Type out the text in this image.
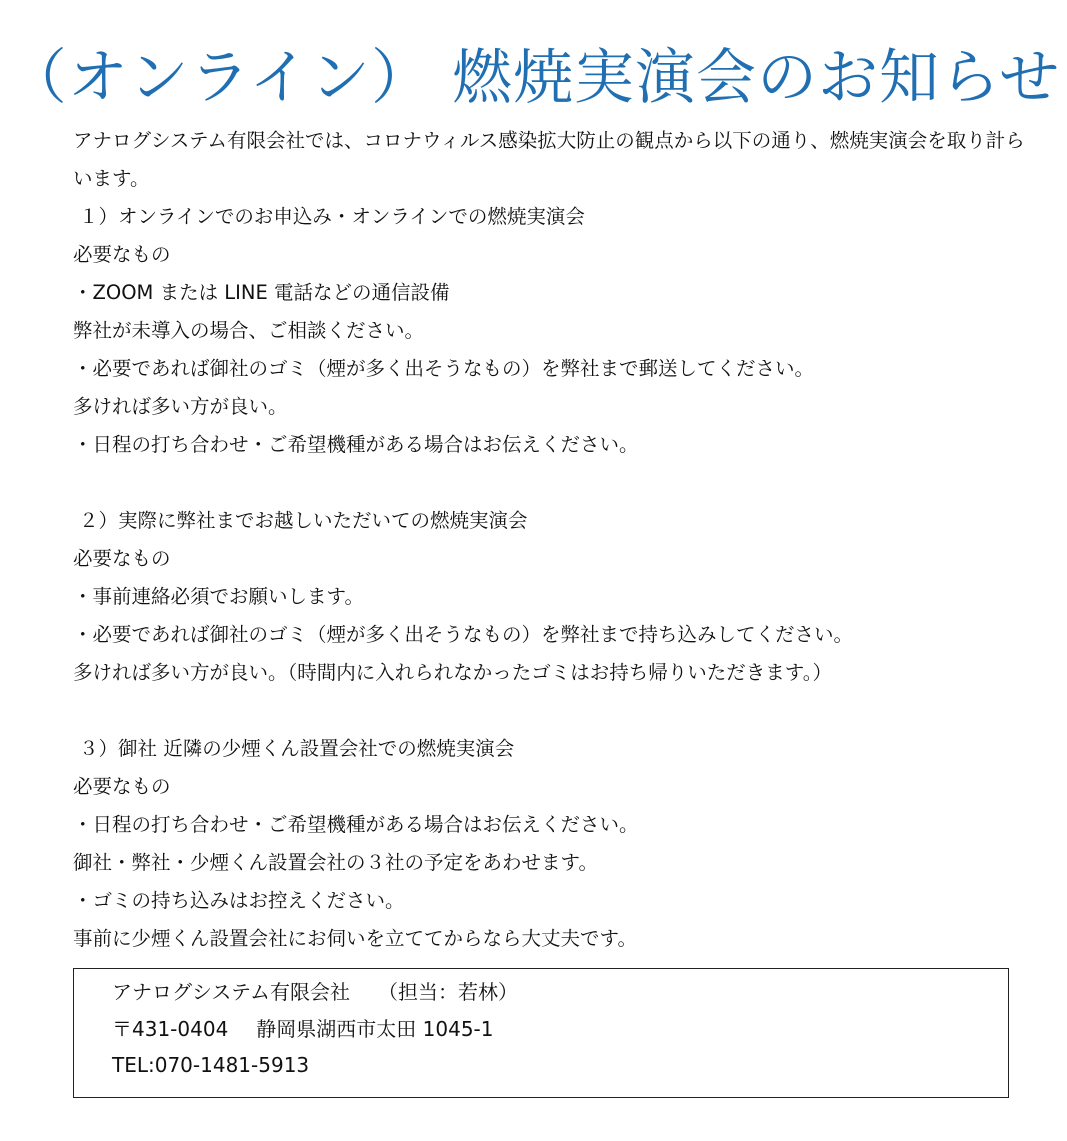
（オンライン） 燃焼実演会のお知らせ
アナログシステム有限会社では、コロナウィルス感染拡大防止の観点から以下の通り、燃焼実演会を取り計らいます。
１）オンラインでのお申込み・オンラインでの燃焼実演会
必要なもの
・ZOOM または LINE 電話などの通信設備
弊社が未導入の場合、ご相談ください。
・必要であれば御社のゴミ（煙が多く出そうなもの）を弊社まで郵送してください。
多ければ多い方が良い。
・日程の打ち合わせ・ご希望機種がある場合はお伝えください。
２）実際に弊社までお越しいただいての燃焼実演会
必要なもの
・事前連絡必須でお願いします。
・必要であれば御社のゴミ（煙が多く出そうなもの）を弊社まで持ち込みしてください。
多ければ多い方が良い。（時間内に入れられなかったゴミはお持ち帰りいただきます。）
３）御社 近隣の少煙くん設置会社での燃焼実演会
必要なもの
・日程の打ち合わせ・ご希望機種がある場合はお伝えください。
御社・弊社・少煙くん設置会社の３社の予定をあわせます。
・ゴミの持ち込みはお控えください。
事前に少煙くん設置会社にお伺いを立ててからなら大丈夫です。
アナログシステム有限会社 （担当：若林）
〒431-0404 静岡県湖西市太田 1045-1
TEL:070-1481-5913
